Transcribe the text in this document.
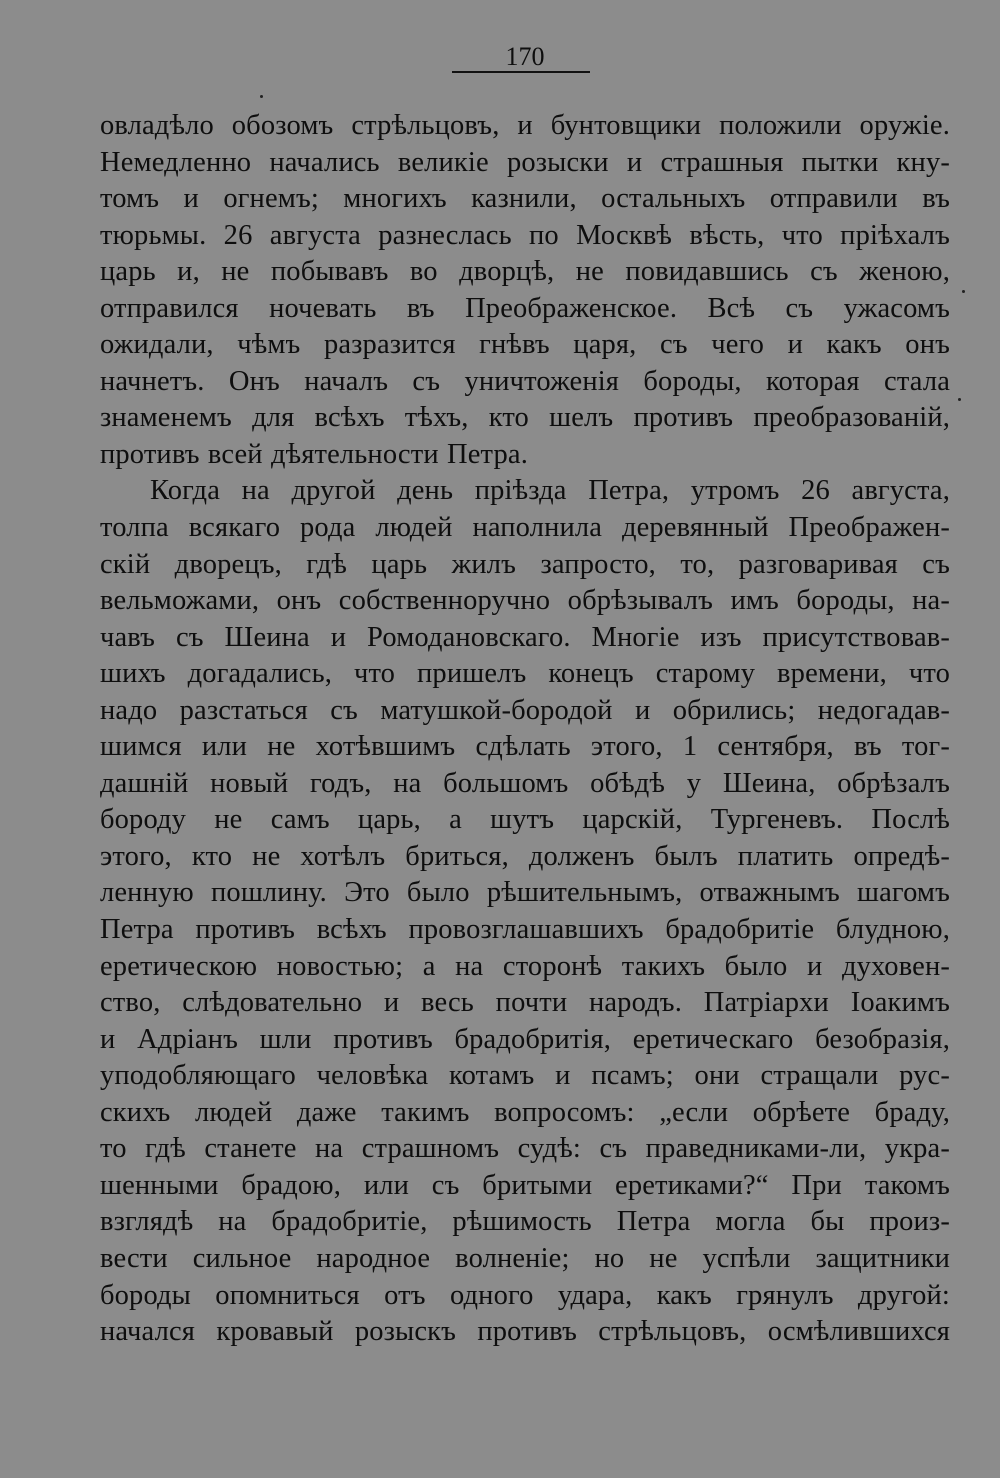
170
овладѣло обозомъ стрѣльцовъ, и бунтовщики положили оружіе.
Немедленно начались великіе розыски и страшныя пытки кну-
томъ и огнемъ; многихъ казнили, остальныхъ отправили въ
тюрьмы. 26 августа разнеслась по Москвѣ вѣсть, что пріѣхалъ
царь и, не побывавъ во дворцѣ, не повидавшись съ женою,
отправился ночевать въ Преображенское. Всѣ съ ужасомъ
ожидали, чѣмъ разразится гнѣвъ царя, съ чего и какъ онъ
начнетъ. Онъ началъ съ уничтоженія бороды, которая стала
знаменемъ для всѣхъ тѣхъ, кто шелъ противъ преобразованій,
противъ всей дѣятельности Петра.
Когда на другой день пріѣзда Петра, утромъ 26 августа,
толпа всякаго рода людей наполнила деревянный Преображен-
скій дворецъ, гдѣ царь жилъ запросто, то, разговаривая съ
вельможами, онъ собственноручно обрѣзывалъ имъ бороды, на-
чавъ съ Шеина и Ромодановскаго. Многіе изъ присутствовав-
шихъ догадались, что пришелъ конецъ старому времени, что
надо разстаться съ матушкой-бородой и обрились; недогадав-
шимся или не хотѣвшимъ сдѣлать этого, 1 сентября, въ тог-
дашній новый годъ, на большомъ обѣдѣ у Шеина, обрѣзалъ
бороду не самъ царь, а шутъ царскій, Тургеневъ. Послѣ
этого, кто не хотѣлъ бриться, долженъ былъ платить опредѣ-
ленную пошлину. Это было рѣшительнымъ, отважнымъ шагомъ
Петра противъ всѣхъ провозглашавшихъ брадобритіе блудною,
еретическою новостью; а на сторонѣ такихъ было и духовен-
ство, слѣдовательно и весь почти народъ. Патріархи Іоакимъ
и Адріанъ шли противъ брадобритія, еретическаго безобразія,
уподобляющаго человѣка котамъ и псамъ; они стращали рус-
скихъ людей даже такимъ вопросомъ: „если обрѣете браду,
то гдѣ станете на страшномъ судѣ: съ праведниками-ли, укра-
шенными брадою, или съ бритыми еретиками?“ При такомъ
взглядѣ на брадобритіе, рѣшимость Петра могла бы произ-
вести сильное народное волненіе; но не успѣли защитники
бороды опомниться отъ одного удара, какъ грянулъ другой:
начался кровавый розыскъ противъ стрѣльцовъ, осмѣлившихся
